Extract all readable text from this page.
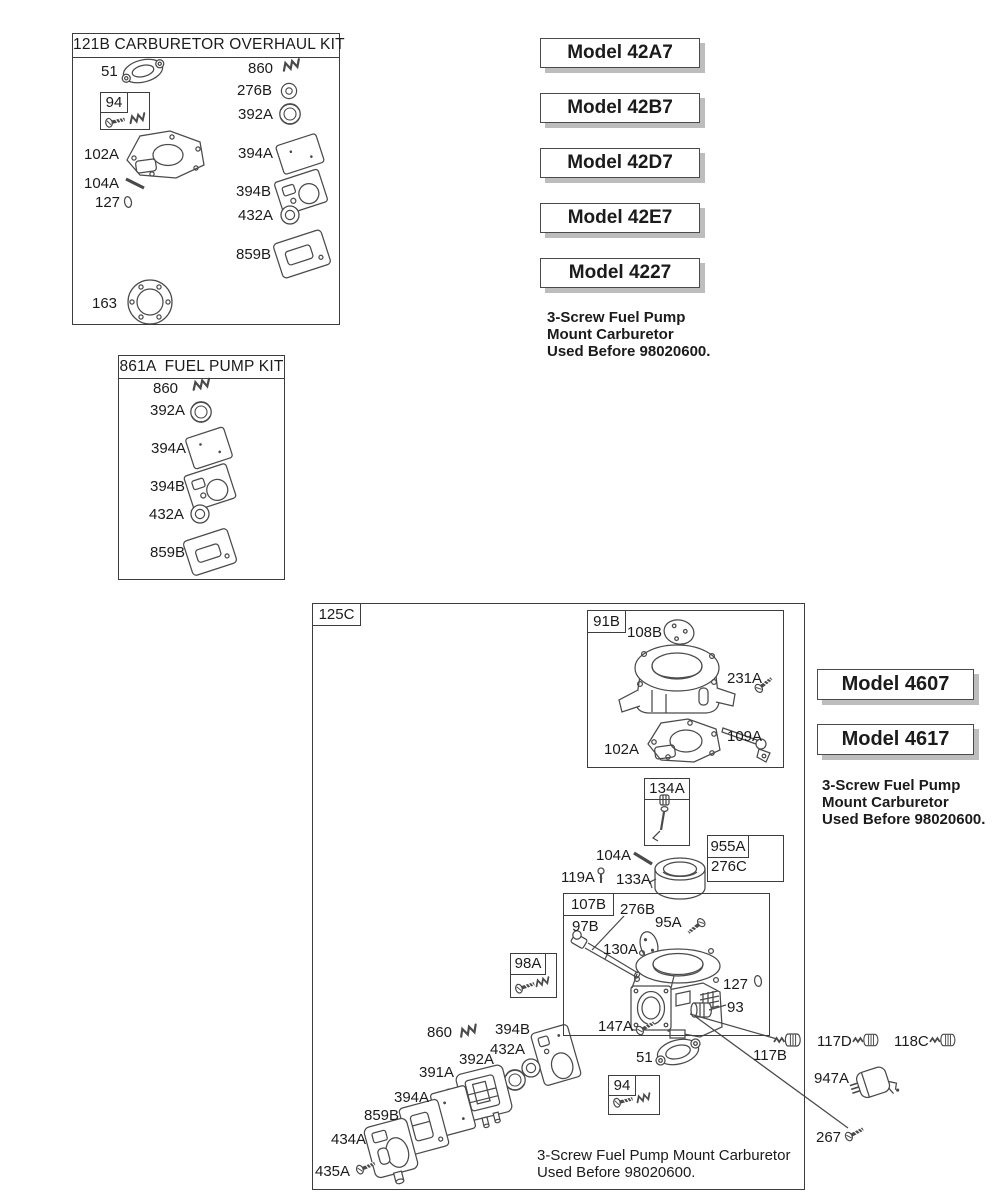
121B CARBURETOR OVERHAUL KIT
94
51
102A
104A
127
163
860
276B
392A
394A
394B
432A
859B
Model 42A7
Model 42B7
Model 42D7
Model 42E7
Model 4227
3-Screw Fuel Pump
Mount Carburetor
Used Before 98020600.
861A  FUEL PUMP KIT
860
392A
394A
394B
432A
859B
125C	91B
108B
231A
109A
102A
134A
955A
276C
104A
119A 133A
107B
97B
276B
95A
130A
127
93
147A
98A
860	394B
432A
392A
391A
394A
859B
434A
435A
51	117B
94
3-Screw Fuel Pump Mount Carburetor
Used Before 98020600.
Model 4607
Model 4617
3-Screw Fuel Pump
Mount Carburetor
Used Before 98020600.
117D	118C
947A
267
